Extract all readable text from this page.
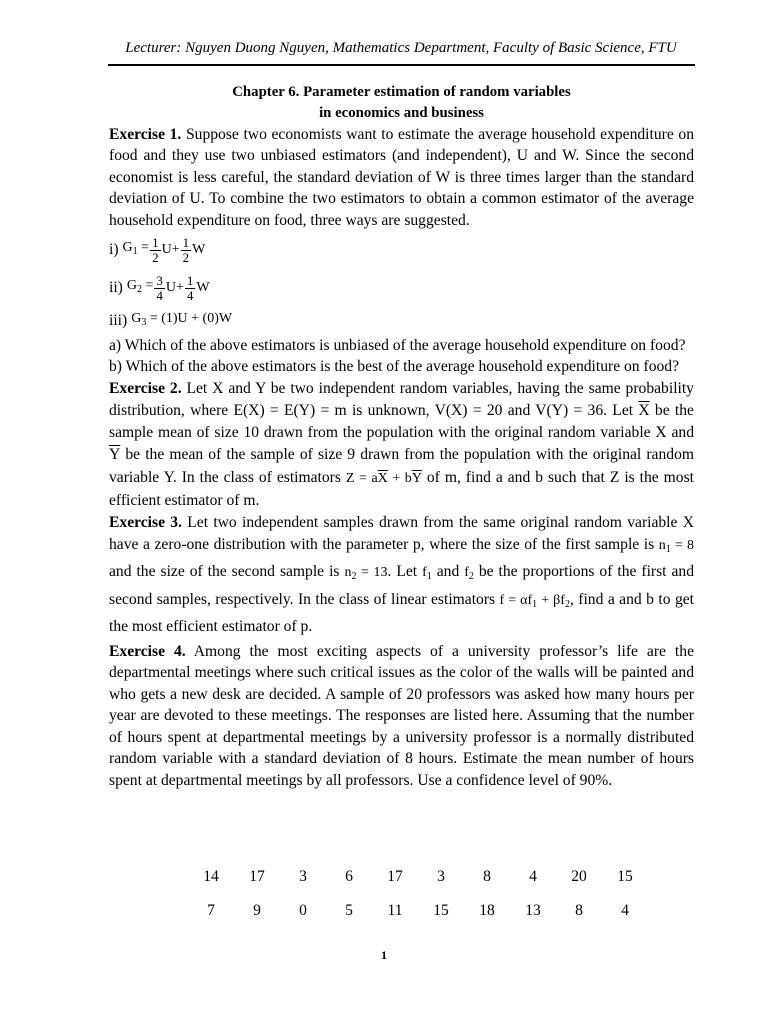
Lecturer: Nguyen Duong Nguyen, Mathematics Department, Faculty of Basic Science, FTU
Chapter 6. Parameter estimation of random variables
in economics and business

Exercise 1. Suppose two economists want to estimate the average household expenditure on food and they use two unbiased estimators (and independent), U and W. Since the second economist is less careful, the standard deviation of W is three times larger than the standard deviation of U. To combine the two estimators to obtain a common estimator of the average household expenditure on food, three ways are suggested.

i) $G_1 = \frac{1}{2}$ $U + \frac{1}{2}$ W
ii) $G_2 = \frac{3}{4}$ $U + \frac{1}{4}$ W
iii) $G_3 = (1)U + (0)W$

a) Which of the above estimators is unbiased of the average household expenditure on food?

b) Which of the above estimators is the best of the average household expenditure on food?

Exercise 2. Let X and Y be two independent random variables, having the same probability distribution, where E(X) = E(Y) = m is unknown, V(X) = 20 and V(Y) = 36. Let $\overline{X}$ be the sample mean of size 10 drawn from the population with the original random variable X and $\overline{Y}$ be the mean of the sample of size 9 drawn from the population with the original random variable Y. In the class of estimators $Z = a\overline{X} + b\overline{Y}$ of m, find a and b such that Z is the most efficient estimator of m.

Exercise 3. Let two independent samples drawn from the same original random variable X have a zero-one distribution with the parameter p, where the size of the first sample is $n_1 = 8$ and the size of the second sample is $n_2 = 13$. Let $f_1$ and $f_2$ be the proportions of the first and second samples, respectively. In the class of linear estimators $f = \alpha f_1 + \beta f_2$, find a and b to get the most efficient estimator of p.

Exercise 4. Among the most exciting aspects of a university professor’s life are the departmental meetings where such critical issues as the color of the walls will be painted and who gets a new desk are decided. A sample of 20 professors was asked how many hours per year are devoted to these meetings. The responses are listed here. Assuming that the number of hours spent at departmental meetings by a university professor is a normally distributed random variable with a standard deviation of 8 hours. Estimate the mean number of hours spent at departmental meetings by all professors. Use a confidence level of 90%.

14	17	3	6	17	3	8	4	20	15
7	9	0	5	11	15	18	13	8	4
1
